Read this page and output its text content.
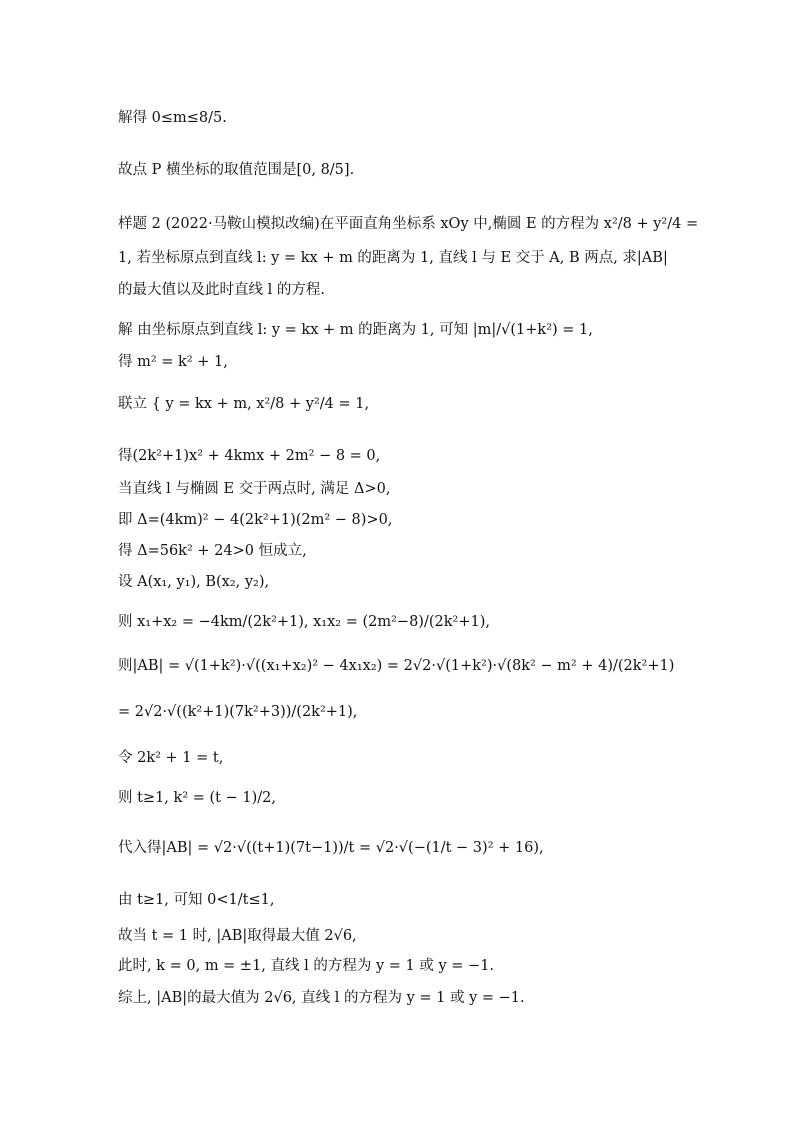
解得 0≤m≤8/5.
故点 P 横坐标的取值范围是[0, 8/5].
样题 2 (2022·马鞍山模拟改编)在平面直角坐标系 xOy 中,椭圆 E 的方程为 x²/8 + y²/4 =
1, 若坐标原点到直线 l: y = kx + m 的距离为 1, 直线 l 与 E 交于 A, B 两点, 求|AB|
的最大值以及此时直线 l 的方程.
解 由坐标原点到直线 l: y = kx + m 的距离为 1, 可知 |m|/√(1+k²) = 1,
得 m² = k² + 1,
联立 { y = kx + m, x²/8 + y²/4 = 1,
得(2k²+1)x² + 4kmx + 2m² − 8 = 0,
当直线 l 与椭圆 E 交于两点时, 满足 Δ>0,
即 Δ=(4km)² − 4(2k²+1)(2m² − 8)>0,
得 Δ=56k² + 24>0 恒成立,
设 A(x₁, y₁), B(x₂, y₂),
则 x₁+x₂ = −4km/(2k²+1), x₁x₂ = (2m²−8)/(2k²+1),
则|AB| = √(1+k²)·√((x₁+x₂)² − 4x₁x₂) = 2√2·√(1+k²)·√(8k² − m² + 4)/(2k²+1)
= 2√2·√((k²+1)(7k²+3))/(2k²+1),
令 2k² + 1 = t,
则 t≥1, k² = (t − 1)/2,
代入得|AB| = √2·√((t+1)(7t−1))/t = √2·√(−(1/t − 3)² + 16),
由 t≥1, 可知 0<1/t≤1,
故当 t = 1 时, |AB|取得最大值 2√6,
此时, k = 0, m = ±1, 直线 l 的方程为 y = 1 或 y = −1.
综上, |AB|的最大值为 2√6, 直线 l 的方程为 y = 1 或 y = −1.
